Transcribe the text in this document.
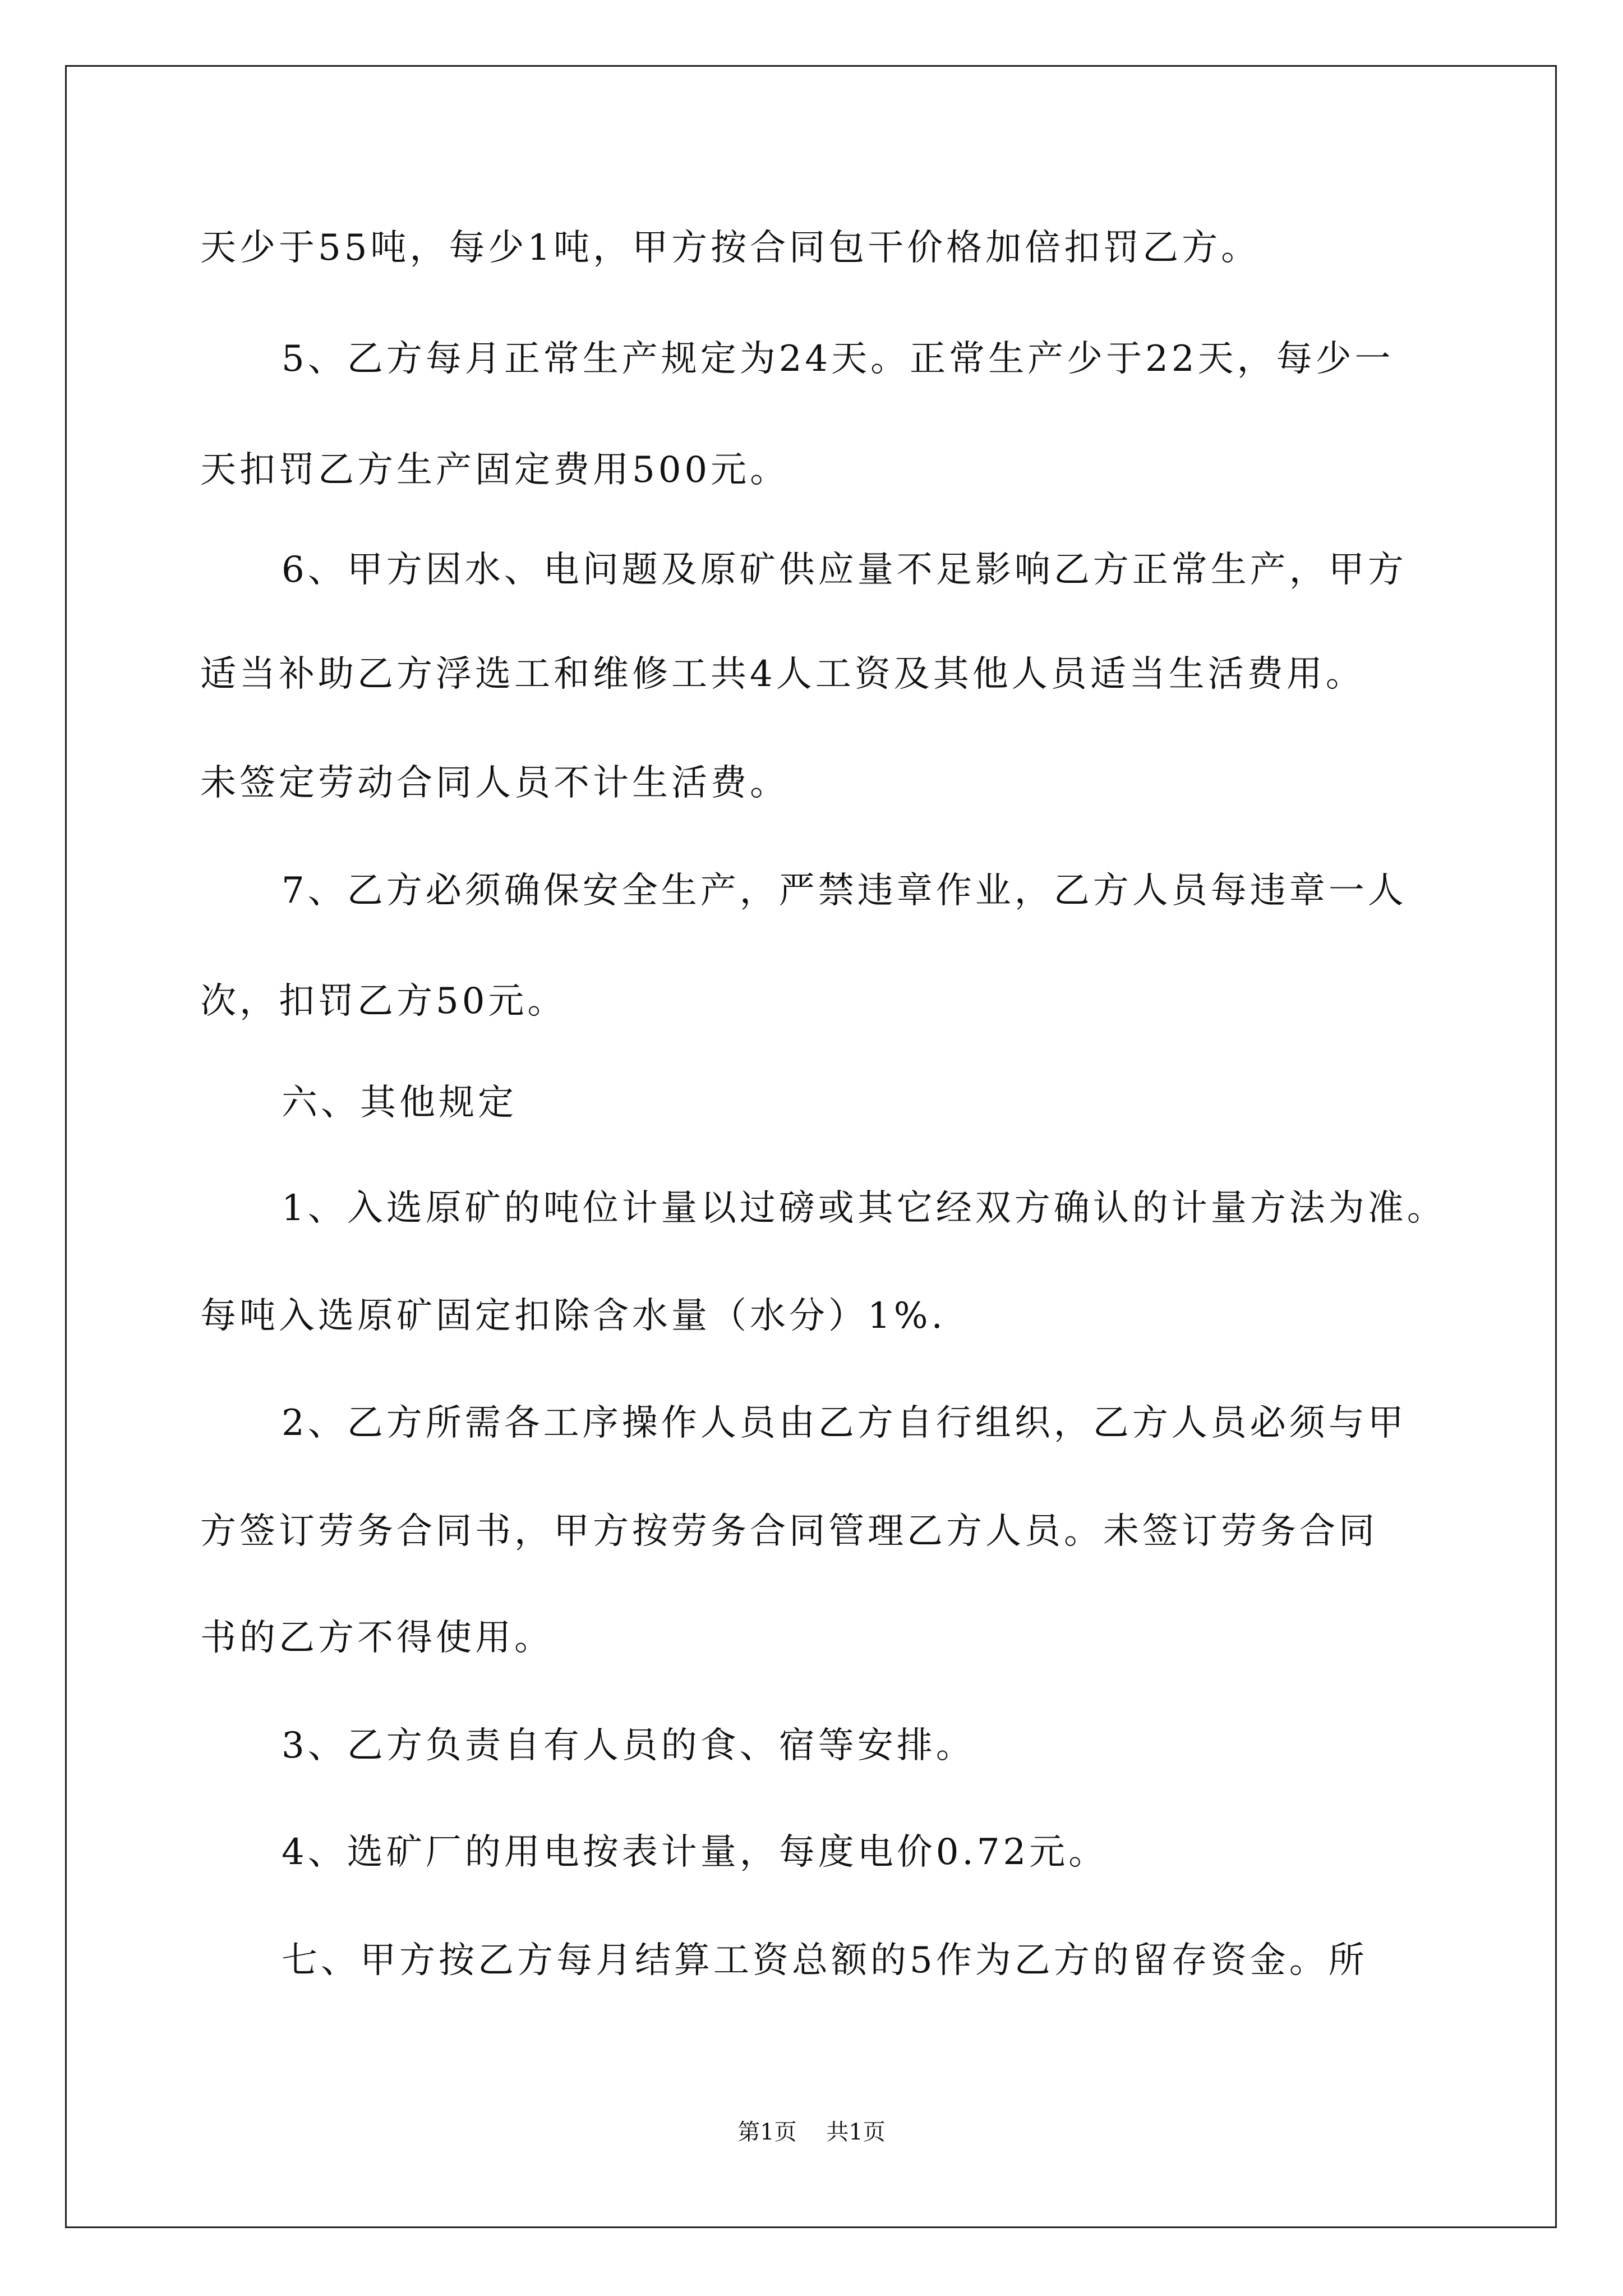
天少于55吨，每少1吨，甲方按合同包干价格加倍扣罚乙方。
5、乙方每月正常生产规定为24天。正常生产少于22天，每少一
天扣罚乙方生产固定费用500元。
6、甲方因水、电问题及原矿供应量不足影响乙方正常生产，甲方
适当补助乙方浮选工和维修工共4人工资及其他人员适当生活费用。
未签定劳动合同人员不计生活费。
7、乙方必须确保安全生产，严禁违章作业，乙方人员每违章一人
次，扣罚乙方50元。
六、其他规定
1、入选原矿的吨位计量以过磅或其它经双方确认的计量方法为准。
每吨入选原矿固定扣除含水量（水分）1%.
2、乙方所需各工序操作人员由乙方自行组织，乙方人员必须与甲
方签订劳务合同书，甲方按劳务合同管理乙方人员。未签订劳务合同
书的乙方不得使用。
3、乙方负责自有人员的食、宿等安排。
4、选矿厂的用电按表计量，每度电价0.72元。
七、甲方按乙方每月结算工资总额的5作为乙方的留存资金。所
第1页 共1页
